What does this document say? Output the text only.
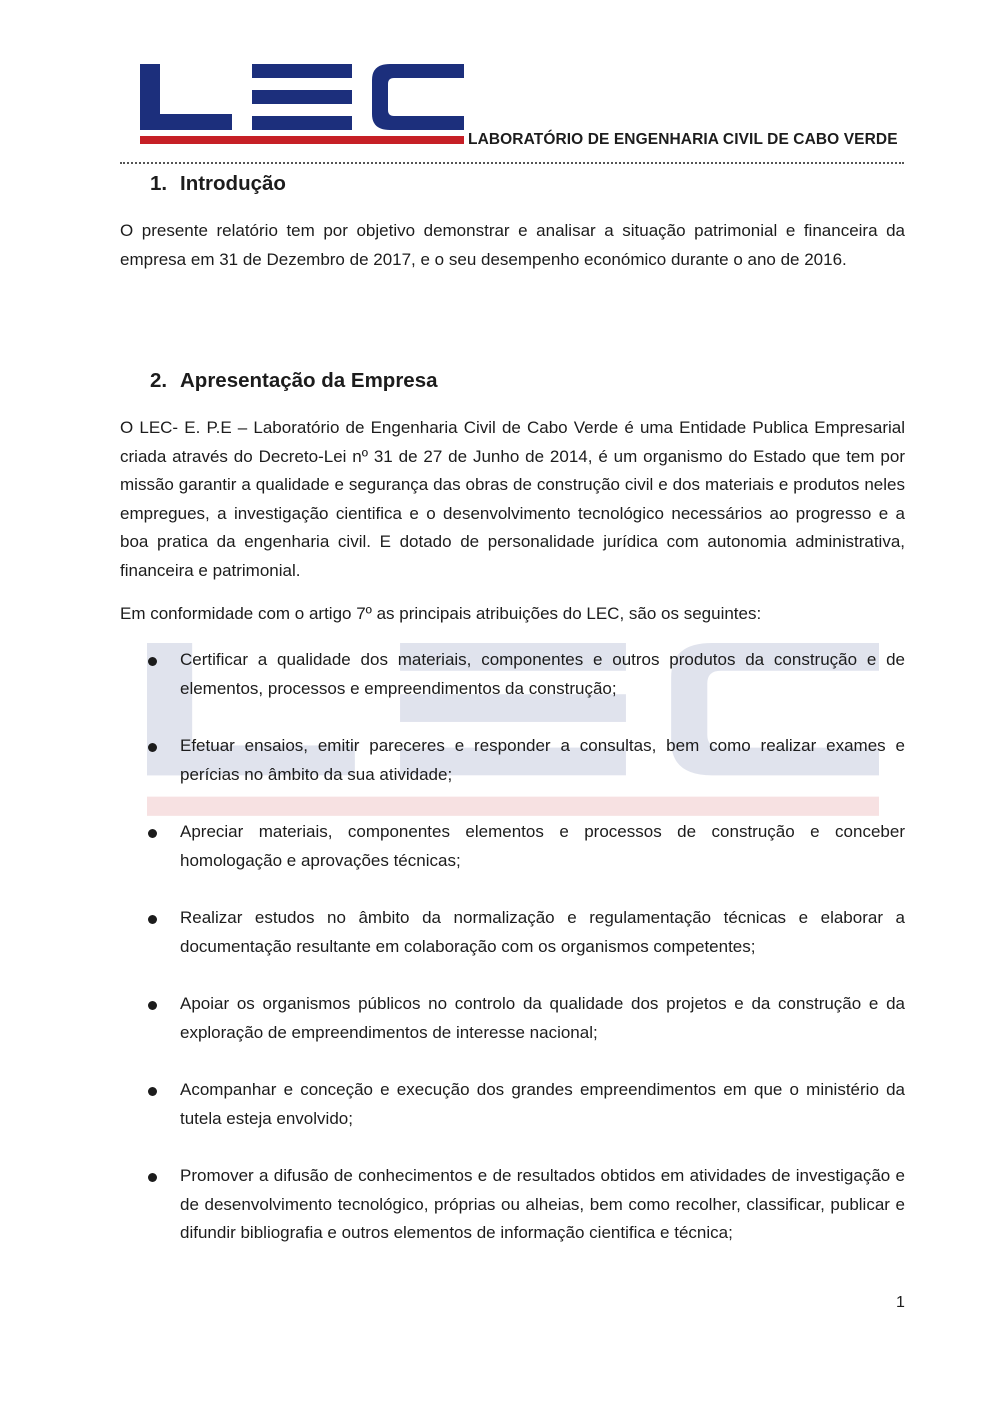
LABORATÓRIO DE ENGENHARIA CIVIL DE CABO VERDE
1. Introdução

O presente relatório tem por objetivo demonstrar e analisar a situação patrimonial e financeira da empresa em 31 de Dezembro de 2017, e o seu desempenho económico durante o ano de 2016.

2. Apresentação da Empresa

O LEC- E. P.E – Laboratório de Engenharia Civil de Cabo Verde é uma Entidade Publica Empresarial criada através do Decreto-Lei nº 31 de 27 de Junho de 2014, é um organismo do Estado que tem por missão garantir a qualidade e segurança das obras de construção civil e dos materiais e produtos neles empregues, a investigação cientifica e o desenvolvimento tecnológico necessários ao progresso e a boa pratica da engenharia civil. E dotado de personalidade jurídica com autonomia administrativa, financeira e patrimonial.

Em conformidade com o artigo 7º as principais atribuições do LEC, são os seguintes:

Certificar a qualidade dos materiais, componentes e outros produtos da construção e de elementos, processos e empreendimentos da construção;

Efetuar ensaios, emitir pareceres e responder a consultas, bem como realizar exames e perícias no âmbito da sua atividade;

Apreciar materiais, componentes elementos e processos de construção e conceber homologação e aprovações técnicas;

Realizar estudos no âmbito da normalização e regulamentação técnicas e elaborar a documentação resultante em colaboração com os organismos competentes;

Apoiar os organismos públicos no controlo da qualidade dos projetos e da construção e da exploração de empreendimentos de interesse nacional;

Acompanhar e conceção e execução dos grandes empreendimentos em que o ministério da tutela esteja envolvido;

Promover a difusão de conhecimentos e de resultados obtidos em atividades de investigação e de desenvolvimento tecnológico, próprias ou alheias, bem como recolher, classificar, publicar e difundir bibliografia e outros elementos de informação cientifica e técnica;

1
